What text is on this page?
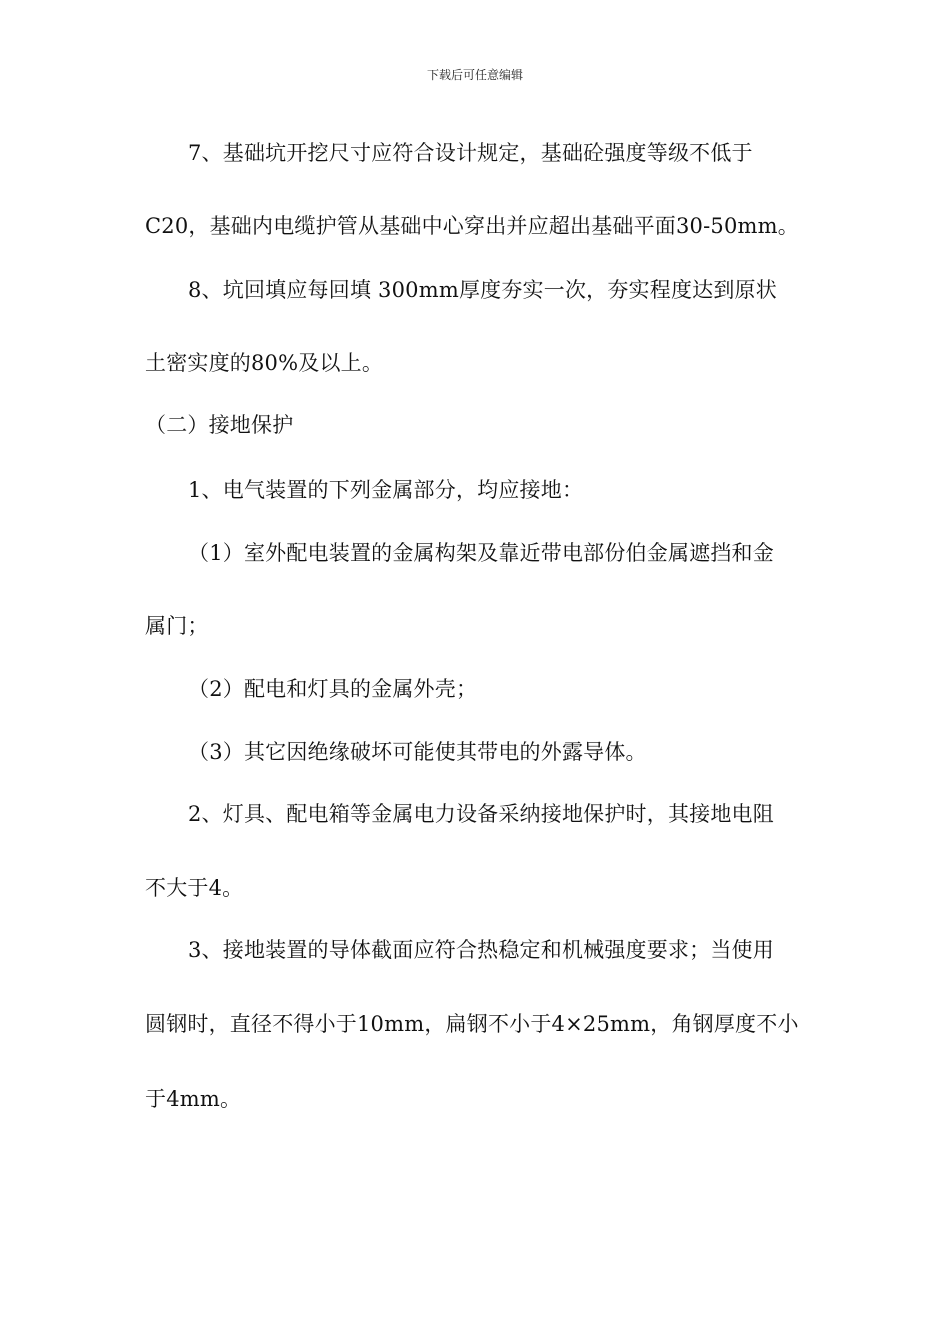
下载后可任意编辑
7、基础坑开挖尺寸应符合设计规定，基础砼强度等级不低于
C20，基础内电缆护管从基础中心穿出并应超出基础平面30-50mm。
8、坑回填应每回填 300mm厚度夯实一次，夯实程度达到原状
土密实度的80%及以上。
（二）接地保护
1、电气装置的下列金属部分，均应接地：
（1）室外配电装置的金属构架及靠近带电部份伯金属遮挡和金
属门；
（2）配电和灯具的金属外壳；
（3）其它因绝缘破坏可能使其带电的外露导体。
2、灯具、配电箱等金属电力设备采纳接地保护时，其接地电阻
不大于4。
3、接地装置的导体截面应符合热稳定和机械强度要求；当使用
圆钢时，直径不得小于10mm，扁钢不小于4×25mm，角钢厚度不小
于4mm。
